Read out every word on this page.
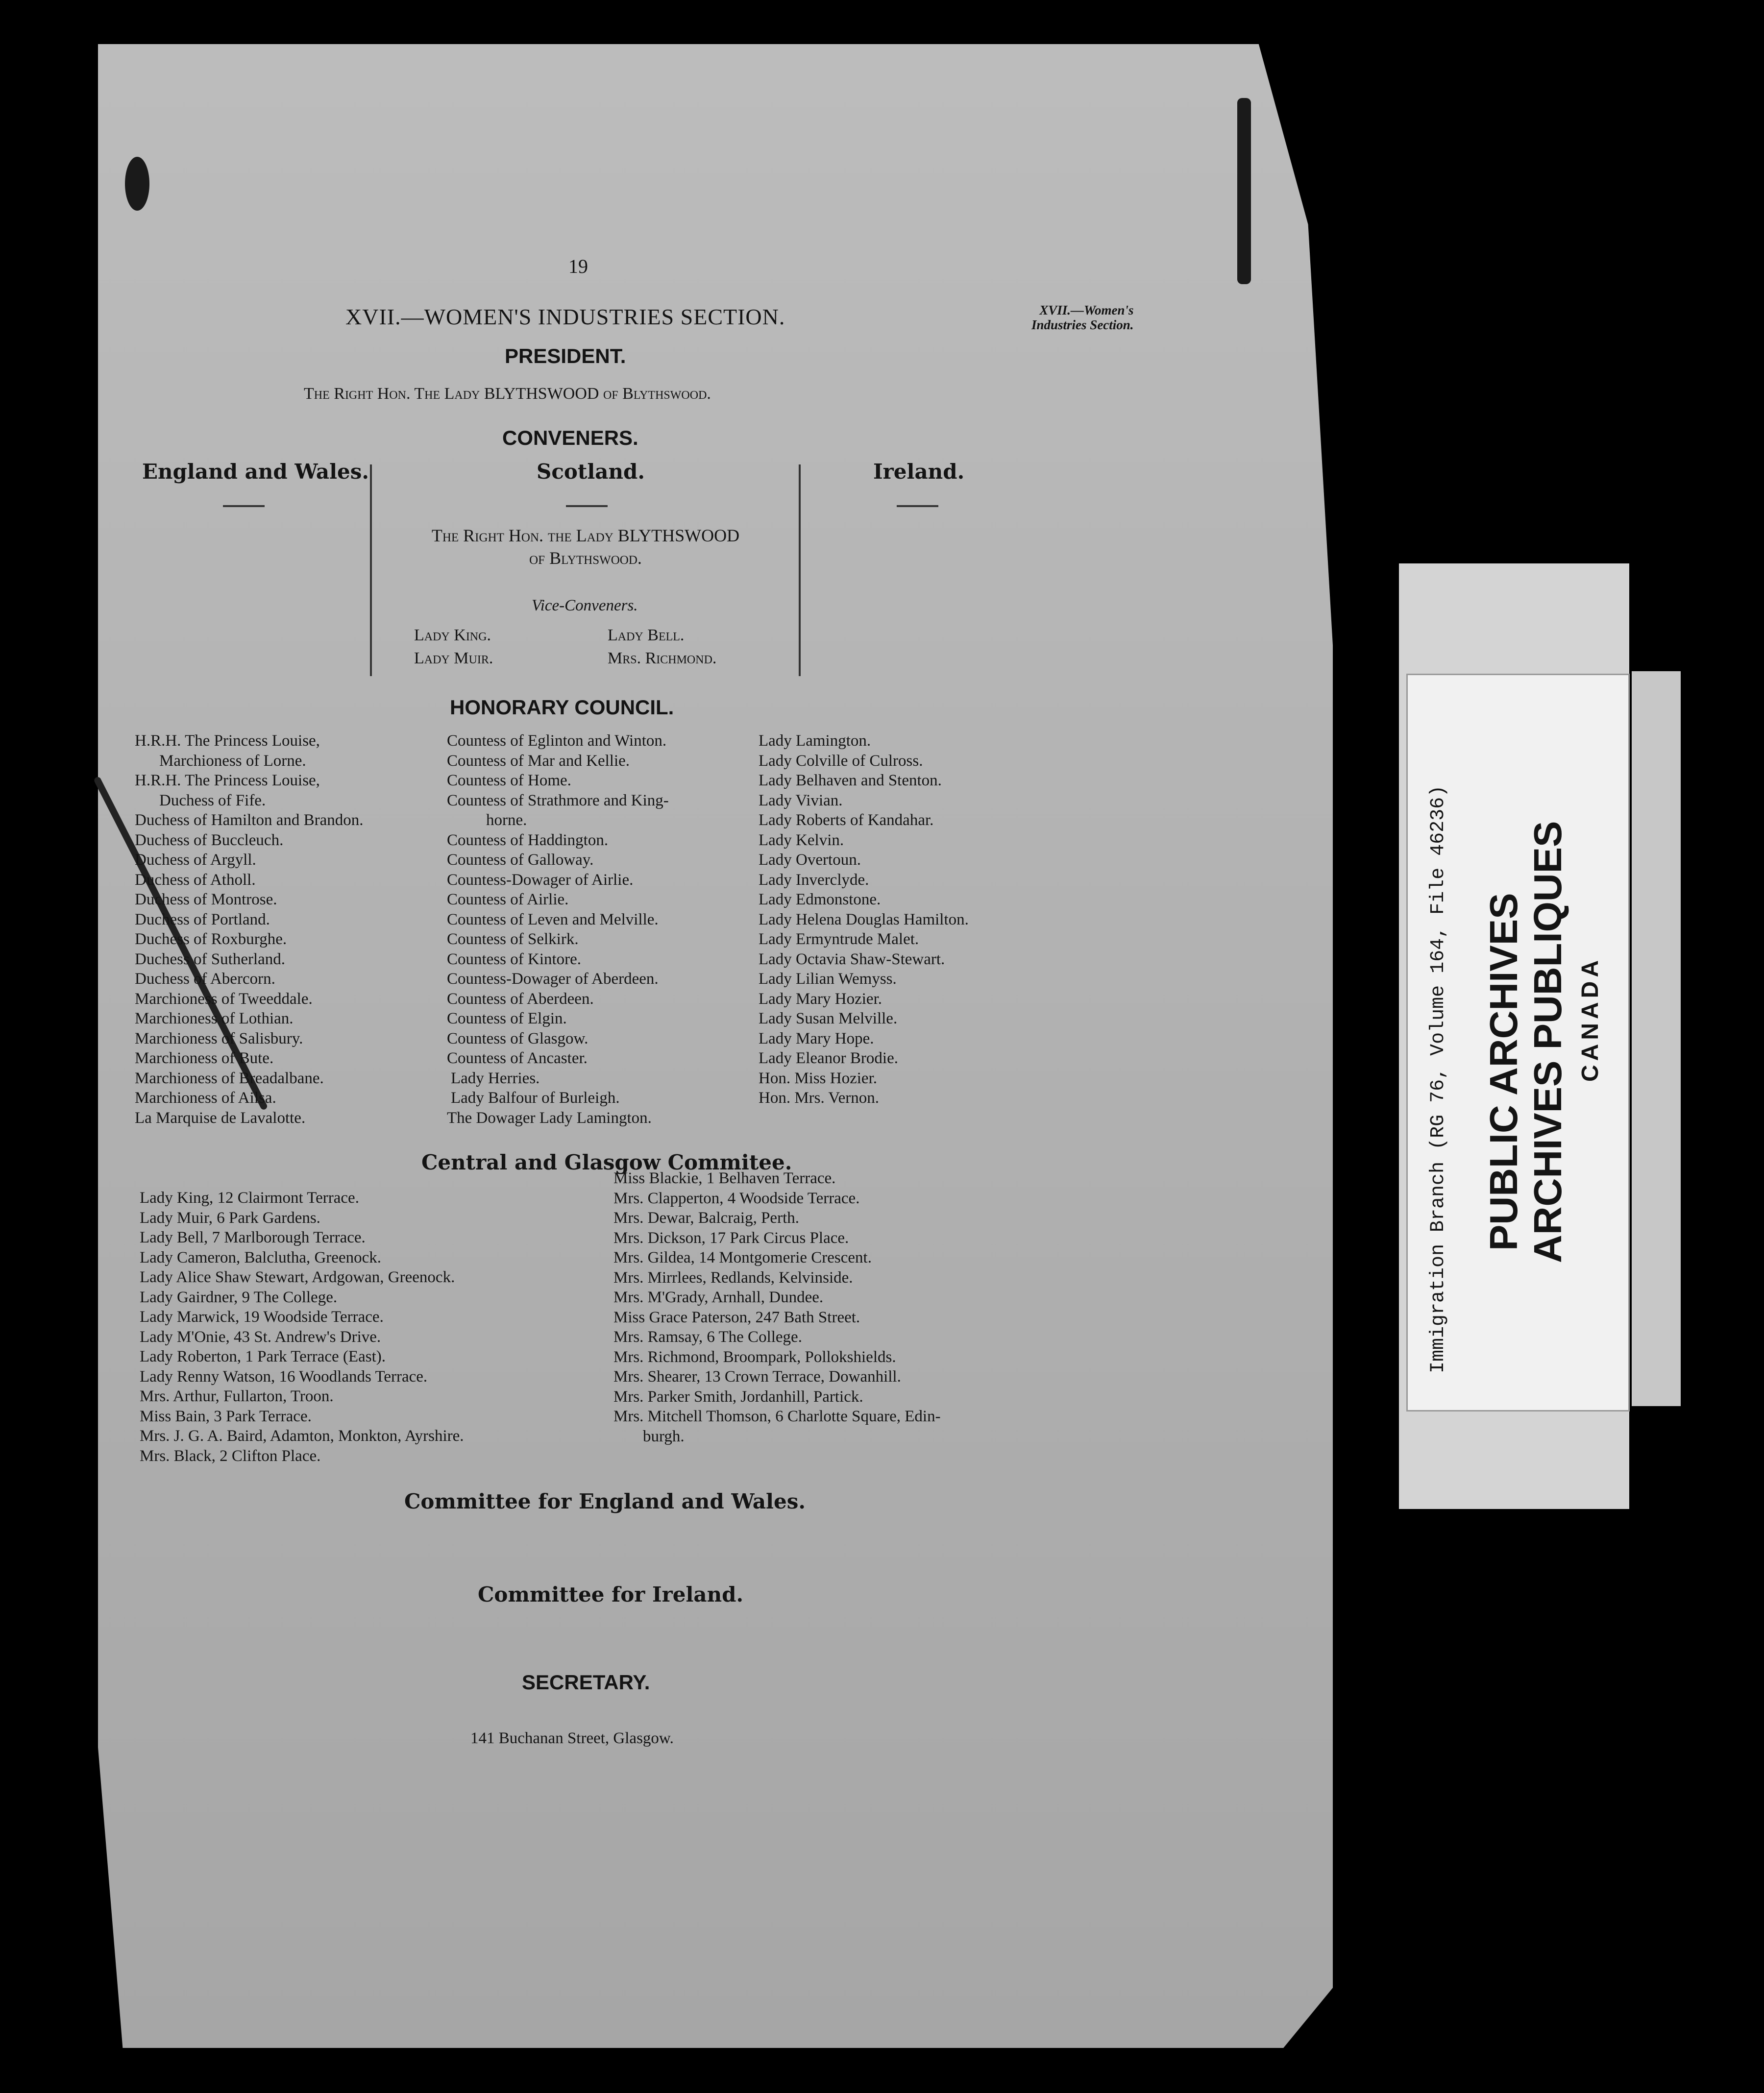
19
XVII.—WOMEN'S INDUSTRIES SECTION.	XVII.—Women's
Industries Section.
PRESIDENT.
The Right Hon. The Lady BLYTHSWOOD of Blythswood.
CONVENERS.
England and Wales.	Scotland.	Ireland.
The Right Hon. the Lady BLYTHSWOOD
of Blythswood.
Vice-Conveners.
Lady King.	Lady Bell.
Lady Muir.	Mrs. Richmond.
HONORARY COUNCIL.
H.R.H. The Princess Louise,
Marchioness of Lorne.
H.R.H. The Princess Louise,
Duchess of Fife.
Duchess of Hamilton and Brandon.
Duchess of Buccleuch.
Duchess of Argyll.
Duchess of Atholl.
Duchess of Montrose.
Duchess of Portland.
Duchess of Roxburghe.
Duchess of Sutherland.
Duchess of Abercorn.
Marchioness of Tweeddale.
Marchioness of Lothian.
Marchioness of Salisbury.
Marchioness of Bute.
Marchioness of Breadalbane.
Marchioness of Ailsa.
La Marquise de Lavalotte.
Countess of Eglinton and Winton.
Countess of Mar and Kellie.
Countess of Home.
Countess of Strathmore and King-
horne.
Countess of Haddington.
Countess of Galloway.
Countess-Dowager of Airlie.
Countess of Airlie.
Countess of Leven and Melville.
Countess of Selkirk.
Countess of Kintore.
Countess-Dowager of Aberdeen.
Countess of Aberdeen.
Countess of Elgin.
Countess of Glasgow.
Countess of Ancaster.
Lady Herries.
Lady Balfour of Burleigh.
The Dowager Lady Lamington.
Lady Lamington.
Lady Colville of Culross.
Lady Belhaven and Stenton.
Lady Vivian.
Lady Roberts of Kandahar.
Lady Kelvin.
Lady Overtoun.
Lady Inverclyde.
Lady Edmonstone.
Lady Helena Douglas Hamilton.
Lady Ermyntrude Malet.
Lady Octavia Shaw-Stewart.
Lady Lilian Wemyss.
Lady Mary Hozier.
Lady Susan Melville.
Lady Mary Hope.
Lady Eleanor Brodie.
Hon. Miss Hozier.
Hon. Mrs. Vernon.
Central and Glasgow Commitee.
Lady King, 12 Clairmont Terrace.
Lady Muir, 6 Park Gardens.
Lady Bell, 7 Marlborough Terrace.
Lady Cameron, Balclutha, Greenock.
Lady Alice Shaw Stewart, Ardgowan, Greenock.
Lady Gairdner, 9 The College.
Lady Marwick, 19 Woodside Terrace.
Lady M'Onie, 43 St. Andrew's Drive.
Lady Roberton, 1 Park Terrace (East).
Lady Renny Watson, 16 Woodlands Terrace.
Mrs. Arthur, Fullarton, Troon.
Miss Bain, 3 Park Terrace.
Mrs. J. G. A. Baird, Adamton, Monkton, Ayrshire.
Mrs. Black, 2 Clifton Place.
Miss Blackie, 1 Belhaven Terrace.
Mrs. Clapperton, 4 Woodside Terrace.
Mrs. Dewar, Balcraig, Perth.
Mrs. Dickson, 17 Park Circus Place.
Mrs. Gildea, 14 Montgomerie Crescent.
Mrs. Mirrlees, Redlands, Kelvinside.
Mrs. M'Grady, Arnhall, Dundee.
Miss Grace Paterson, 247 Bath Street.
Mrs. Ramsay, 6 The College.
Mrs. Richmond, Broompark, Pollokshields.
Mrs. Shearer, 13 Crown Terrace, Dowanhill.
Mrs. Parker Smith, Jordanhill, Partick.
Mrs. Mitchell Thomson, 6 Charlotte Square, Edin-
burgh.
Committee for England and Wales.
Committee for Ireland.
SECRETARY.
141 Buchanan Street, Glasgow.
Immigration Branch (RG 76, Volume 164, File 46236) PUBLIC ARCHIVES ARCHIVES PUBLIQUES CANADA
